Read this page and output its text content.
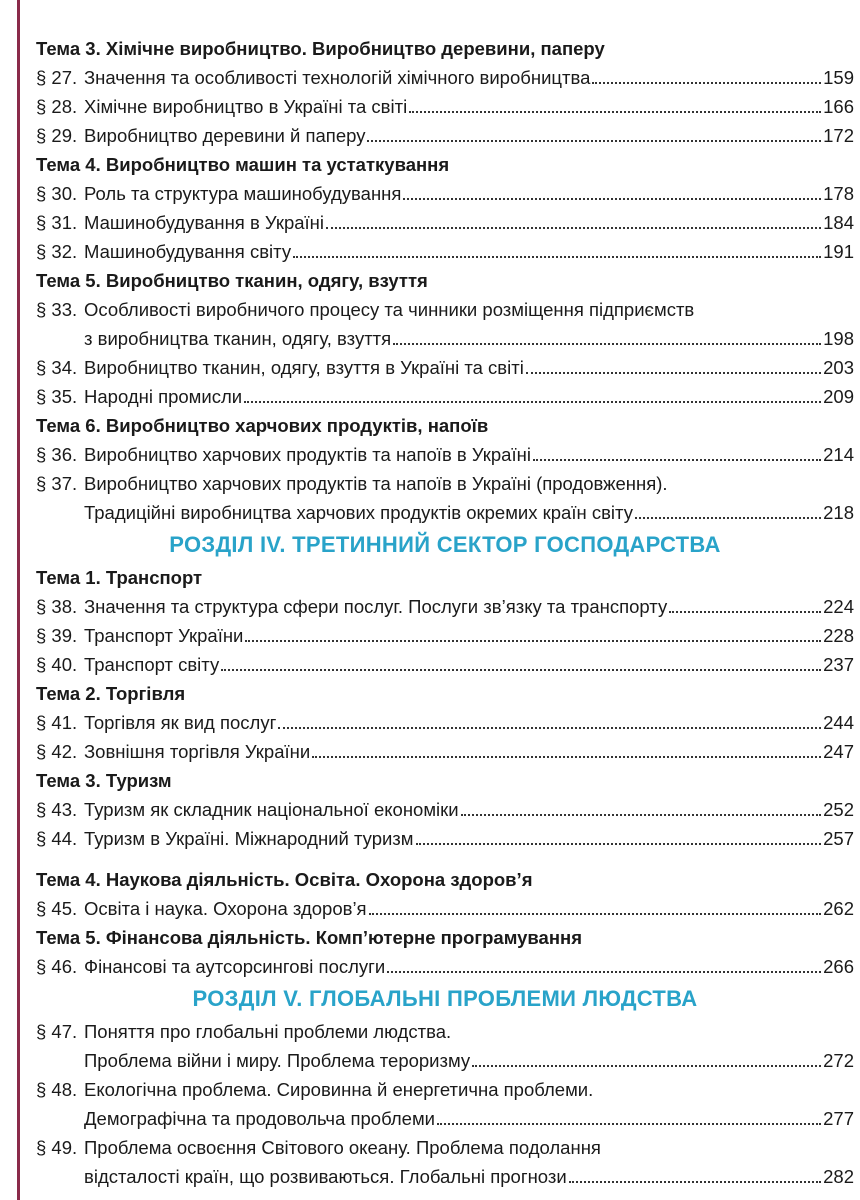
Тема 3. Хімічне виробництво. Виробництво деревини, паперу
§ 27. Значення та особливості технологій хімічного виробництва	159
§ 28. Хімічне виробництво в Україні та світі	166
§ 29. Виробництво деревини й паперу	172
Тема 4. Виробництво машин та устаткування
§ 30. Роль та структура машинобудування	178
§ 31. Машинобудування в Україні	184
§ 32. Машинобудування світу	191
Тема 5. Виробництво тканин, одягу, взуття
§ 33. Особливості виробничого процесу та чинники розміщення підприємств
з виробництва тканин, одягу, взуття	198
§ 34. Виробництво тканин, одягу, взуття в Україні та світі	203
§ 35. Народні промисли	209
Тема 6. Виробництво харчових продуктів, напоїв
§ 36. Виробництво харчових продуктів та напоїв в Україні	214
§ 37. Виробництво харчових продуктів та напоїв в Україні (продовження).
Традиційні виробництва харчових продуктів окремих країн світу	218
РОЗДІЛ IV. ТРЕТИННИЙ СЕКТОР ГОСПОДАРСТВА
Тема 1. Транспорт
§ 38. Значення та структура сфери послуг. Послуги зв’язку та транспорту	224
§ 39. Транспорт України	228
§ 40. Транспорт світу	237
Тема 2. Торгівля
§ 41. Торгівля як вид послуг	244
§ 42. Зовнішня торгівля України	247
Тема 3. Туризм
§ 43. Туризм як складник національної економіки	252
§ 44. Туризм в Україні. Міжнародний туризм	257
Тема 4. Наукова діяльність. Освіта. Охорона здоров’я
§ 45. Освіта і наука. Охорона здоров’я	262
Тема 5. Фінансова діяльність. Комп’ютерне програмування
§ 46. Фінансові та аутсорсингові послуги	266
РОЗДІЛ V. ГЛОБАЛЬНІ ПРОБЛЕМИ ЛЮДСТВА
§ 47. Поняття про глобальні проблеми людства.
Проблема війни і миру. Проблема тероризму	272
§ 48. Екологічна проблема. Сировинна й енергетична проблеми.
Демографічна та продовольча проблеми	277
§ 49. Проблема освоєння Світового океану. Проблема подолання
відсталості країн, що розвиваються. Глобальні прогнози	282
